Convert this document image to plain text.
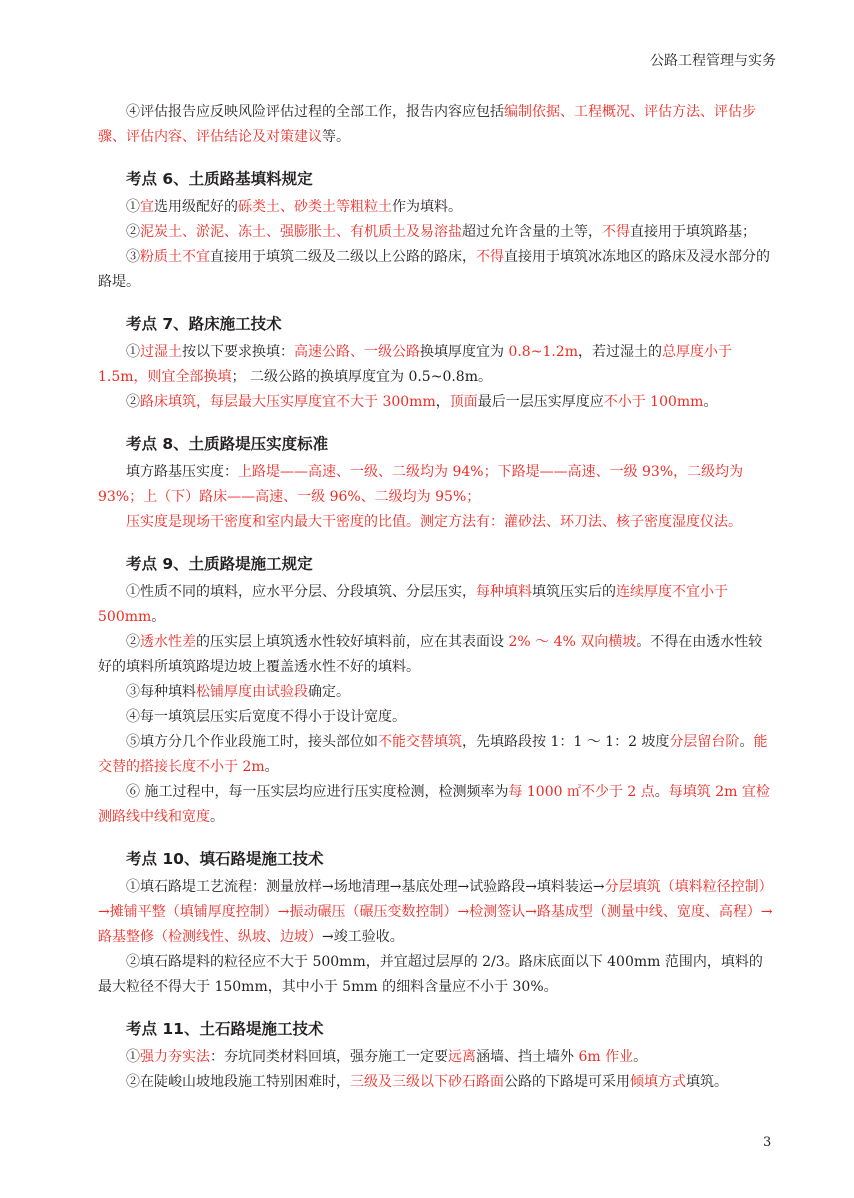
公路工程管理与实务

④评估报告应反映风险评估过程的全部工作，报告内容应包括编制依据、工程概况、评估方法、评估步骤、评估内容、评估结论及对策建议等。

考点 6、土质路基填料规定

①宜选用级配好的砾类土、砂类土等粗粒土作为填料。

②泥炭土、淤泥、冻土、强膨胀土、有机质土及易溶盐超过允许含量的土等，不得直接用于填筑路基；

③粉质土不宜直接用于填筑二级及二级以上公路的路床，不得直接用于填筑冰冻地区的路床及浸水部分的路堤。

考点 7、路床施工技术

①过湿土按以下要求换填：高速公路、一级公路换填厚度宜为 0.8~1.2m，若过湿土的总厚度小于 1.5m，则宜全部换填； 二级公路的换填厚度宜为 0.5~0.8m。

②路床填筑，每层最大压实厚度宜不大于 300mm，顶面最后一层压实厚度应不小于 100mm。

考点 8、土质路堤压实度标准

填方路基压实度：上路堤——高速、一级、二级均为 94%；下路堤——高速、一级 93%，二级均为 93%；上（下）路床——高速、一级 96%、二级均为 95%；

压实度是现场干密度和室内最大干密度的比值。测定方法有：灌砂法、环刀法、核子密度湿度仪法。

考点 9、土质路堤施工规定

①性质不同的填料，应水平分层、分段填筑、分层压实，每种填料填筑压实后的连续厚度不宜小于 500mm。

②透水性差的压实层上填筑透水性较好填料前，应在其表面设 2% ～ 4% 双向横坡。不得在由透水性较好的填料所填筑路堤边坡上覆盖透水性不好的填料。

③每种填料松铺厚度由试验段确定。

④每一填筑层压实后宽度不得小于设计宽度。

⑤填方分几个作业段施工时，接头部位如不能交替填筑，先填路段按 1：1 ～ 1：2 坡度分层留台阶。能交替的搭接长度不小于 2m。

⑥ 施工过程中，每一压实层均应进行压实度检测，检测频率为每 1000 ㎡不少于 2 点。每填筑 2m 宜检测路线中线和宽度。

考点 10、填石路堤施工技术

①填石路堤工艺流程：测量放样→场地清理→基底处理→试验路段→填料装运→分层填筑（填料粒径控制）→摊铺平整（填铺厚度控制）→振动碾压（碾压变数控制）→检测签认→路基成型（测量中线、宽度、高程）→路基整修（检测线性、纵坡、边坡）→竣工验收。

②填石路堤料的粒径应不大于 500mm，并宜超过层厚的 2/3。路床底面以下 400mm 范围内，填料的最大粒径不得大于 150mm，其中小于 5mm 的细料含量应不小于 30%。

考点 11、土石路堤施工技术

①强力夯实法：夯坑同类材料回填，强夯施工一定要远离涵墙、挡土墙外 6m 作业。

②在陡峻山坡地段施工特别困难时，三级及三级以下砂石路面公路的下路堤可采用倾填方式填筑。

3
